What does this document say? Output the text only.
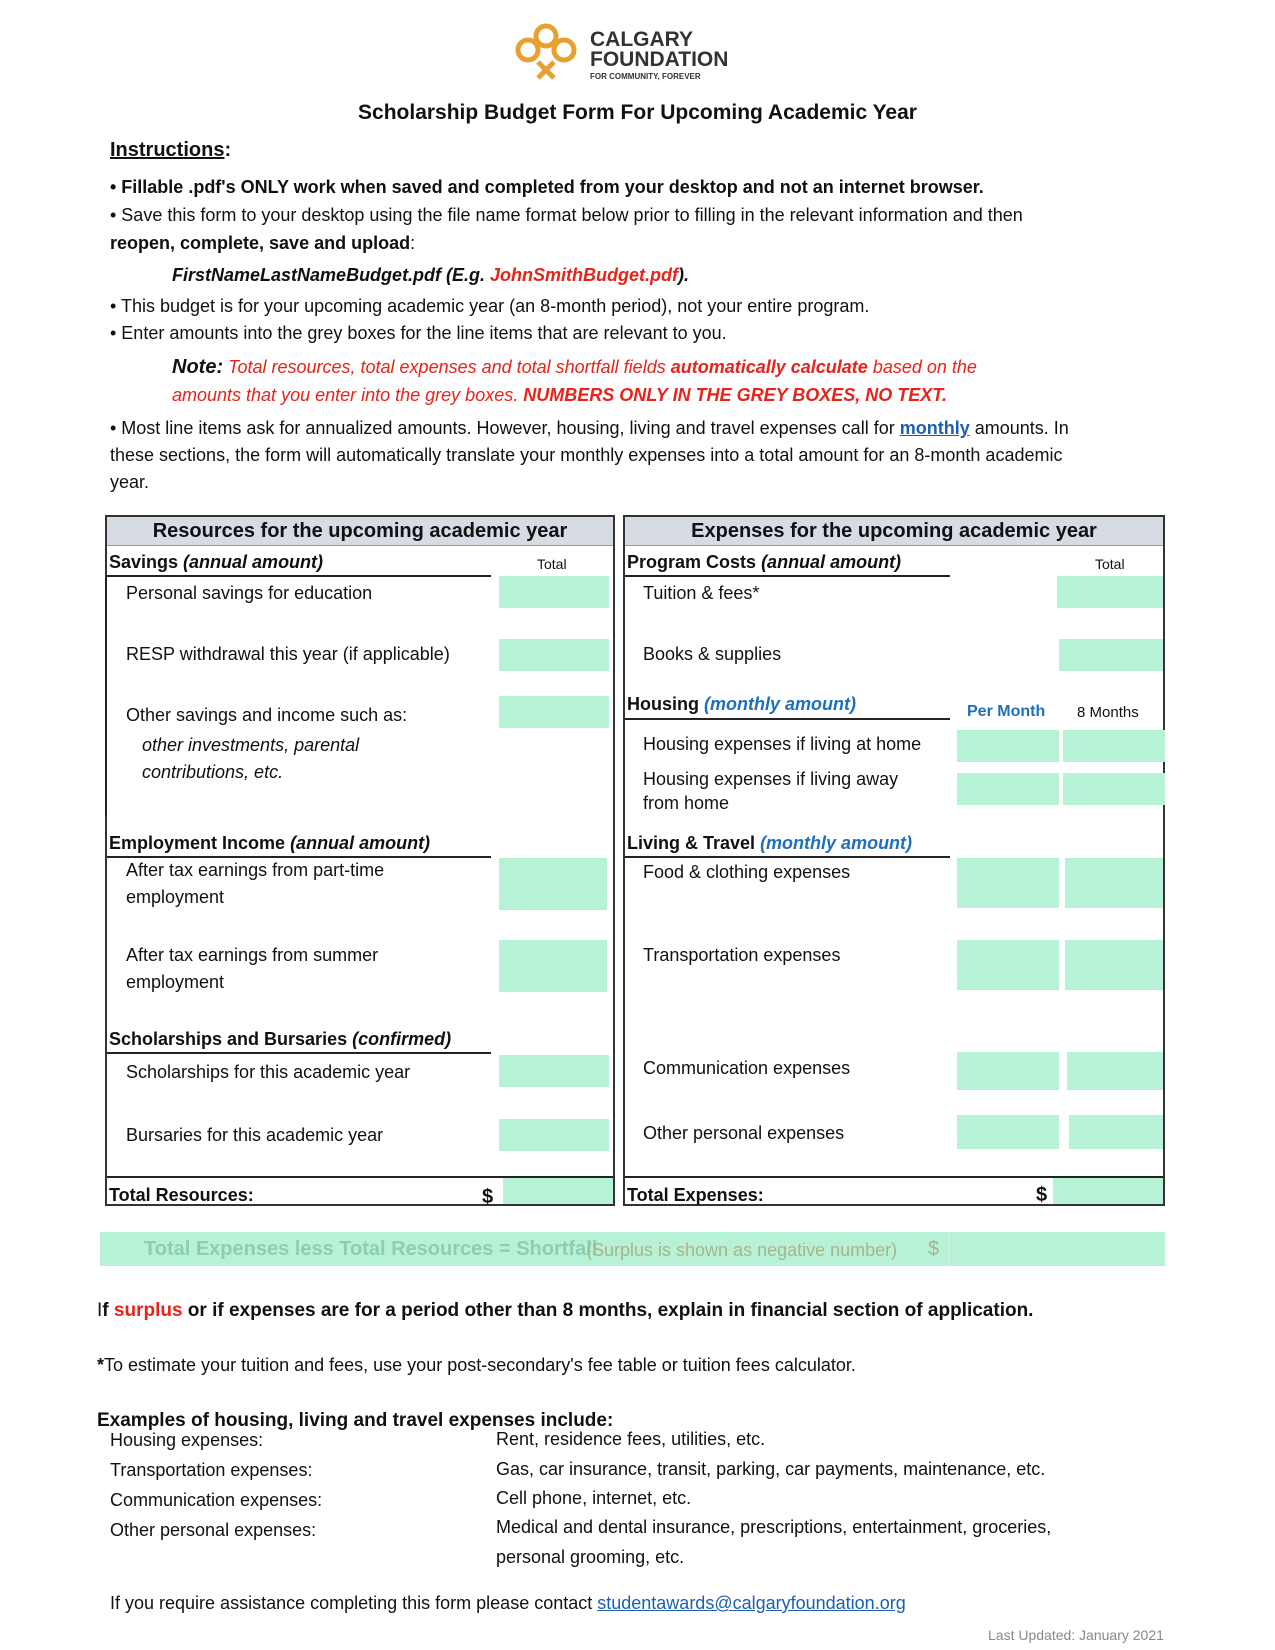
CALGARY
FOUNDATION
FOR COMMUNITY, FOREVER
Scholarship Budget Form For Upcoming Academic Year
Instructions:
• Fillable .pdf's ONLY work when saved and completed from your desktop and not an internet browser.
• Save this form to your desktop using the file name format below prior to filling in the relevant information and then
reopen, complete, save and upload:
FirstNameLastNameBudget.pdf (E.g. JohnSmithBudget.pdf).
• This budget is for your upcoming academic year (an 8-month period), not your entire program.
• Enter amounts into the grey boxes for the line items that are relevant to you.
Note: Total resources, total expenses and total shortfall fields automatically calculate based on the
amounts that you enter into the grey boxes. NUMBERS ONLY IN THE GREY BOXES, NO TEXT.
• Most line items ask for annualized amounts. However, housing, living and travel expenses call for monthly amounts. In
these sections, the form will automatically translate your monthly expenses into a total amount for an 8-month academic
year.
Resources for the upcoming academic year
Savings (annual amount)	Total
Personal savings for education
RESP withdrawal this year (if applicable)
Other savings and income such as:
other investments, parental
contributions, etc.
Employment Income (annual amount)
After tax earnings from part-time
employment
After tax earnings from summer
employment
Scholarships and Bursaries (confirmed)
Scholarships for this academic year
Bursaries for this academic year
Total Resources:	$
Expenses for the upcoming academic year
Program Costs (annual amount)	Total
Tuition & fees*
Books & supplies
Housing (monthly amount)	Per Month 8 Months
Housing expenses if living at home
Housing expenses if living away
from home
Living & Travel (monthly amount)
Food & clothing expenses
Transportation expenses
Communication expenses
Other personal expenses
Total Expenses:	$
Total Expenses less Total Resources = Shortfall
(Surplus is shown as negative number) $
If surplus or if expenses are for a period other than 8 months, explain in financial section of application.
*To estimate your tuition and fees, use your post-secondary's fee table or tuition fees calculator.
Examples of housing, living and travel expenses include:
Housing expenses:	Rent, residence fees, utilities, etc.
Transportation expenses:	Gas, car insurance, transit, parking, car payments, maintenance, etc.
Communication expenses:	Cell phone, internet, etc.
Other personal expenses:	Medical and dental insurance, prescriptions, entertainment, groceries,
personal grooming, etc.
If you require assistance completing this form please contact studentawards@calgaryfoundation.org
Last Updated: January 2021
